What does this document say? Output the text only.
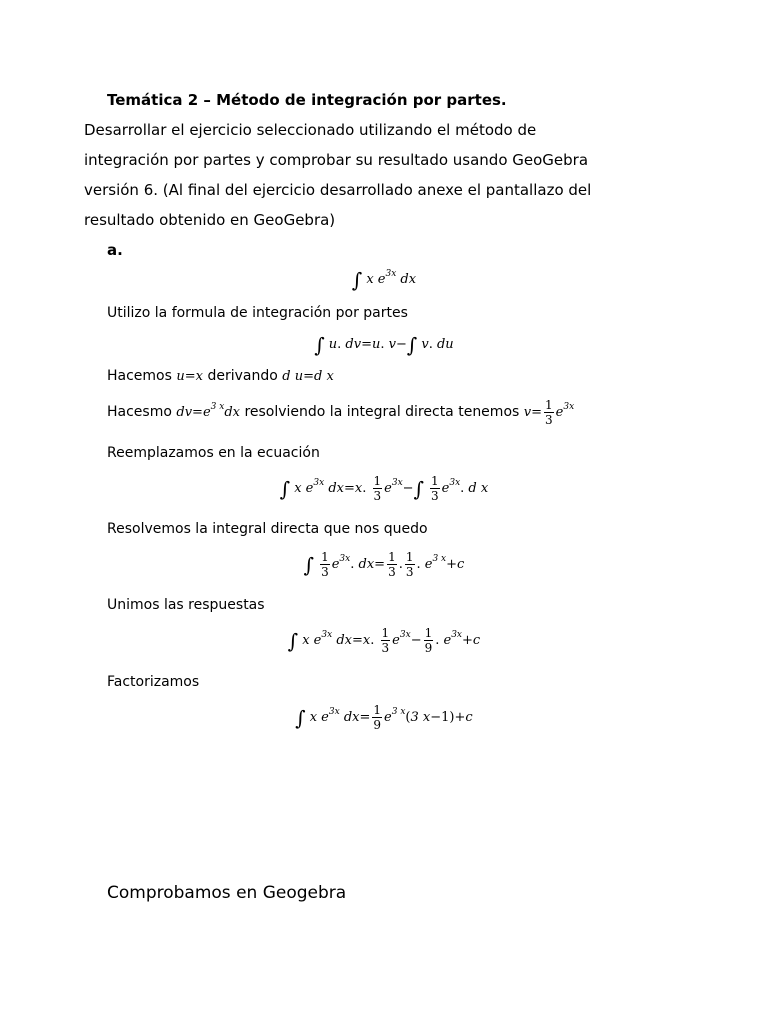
Temática 2 – Método de integración por partes.
Desarrollar el ejercicio seleccionado utilizando el método de
integración por partes y comprobar su resultado usando GeoGebra
versión 6. (Al final del ejercicio desarrollado anexe el pantallazo del
resultado obtenido en GeoGebra)
a.
∫ x $e^{3x}$ dx
Utilizo la formula de integración por partes
∫ u. dv=u. v−∫ v. du
Hacemos u=x derivando d u=d x
Hacesmo $dv=e^{3 x}dx$ resolviendo la integral directa tenemos $v= \frac{1}{3} e^{3x}$
Reemplazamos en la ecuación
∫ x $e^{3x}$ dx=x. $\frac{1}{3} e^{3x}-\int \frac{1}{3} e^{3x}$. d x
Resolvemos la integral directa que nos quedo
∫ $\frac{1}{3} e^{3x}$. $dx= \frac{1}{3}$ . $\frac{1}{3}$ . $e^{3 x}+c$
Unimos las respuestas
∫ x $e^{3x}$ dx=x. $\frac{1}{3} e^{3x}- \frac{1}{9}$ . $e^{3x}+c$
Factorizamos
∫ x $e^{3x}$ $dx= \frac{1}{9} e^{3 x}(3$ x−1)+c
Comprobamos en Geogebra
